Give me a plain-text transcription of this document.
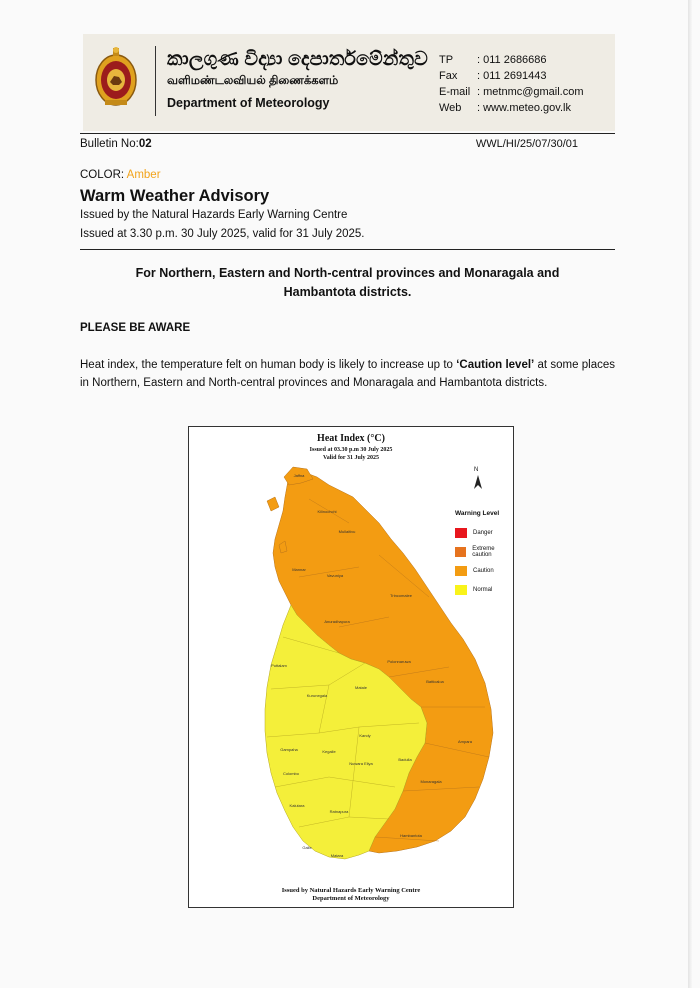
කාලගුණ විද්‍යා දෙපාර්තමේන්තුව
வளிமண்டலவியல் திணைக்களம்
Department of Meteorology
TP	: 011 2686686
Fax	: 011 2691443
E-mail : metnmc@gmail.com
Web	: www.meteo.gov.lk
Bulletin No:02	WWL/HI/25/07/30/01
COLOR: Amber
Warm Weather Advisory
Issued by the Natural Hazards Early Warning Centre
Issued at 3.30 p.m. 30 July 2025, valid for 31 July 2025.
For Northern, Eastern and North-central provinces and Monaragala and Hambantota districts.
PLEASE BE AWARE
Heat index, the temperature felt on human body is likely to increase up to ‘Caution level’ at some places in Northern, Eastern and North-central provinces and Monaragala and Hambantota districts.
Heat Index (°C)
Issued at 03.30 p.m 30 July 2025
Valid for 31 July 2025
N
Jaffna
Kilinochchi
Mullaitivu
Mannar
Vavuniya
Trincomalee
Anuradhapura
Polonnaruwa
Batticaloa
Ampara
Monaragala
Hambantota
Puttalam
Kurunegala
Matale
Kandy
Gampaha	Kegalle
Nuwara Eliya
Badulla
Colombo
Kalutara
Ratnapura
Galle
Matara
Warning Level
Danger
Extreme caution
Caution
Normal
Issued by Natural Hazards Early Warning Centre
Department of Meteorology
